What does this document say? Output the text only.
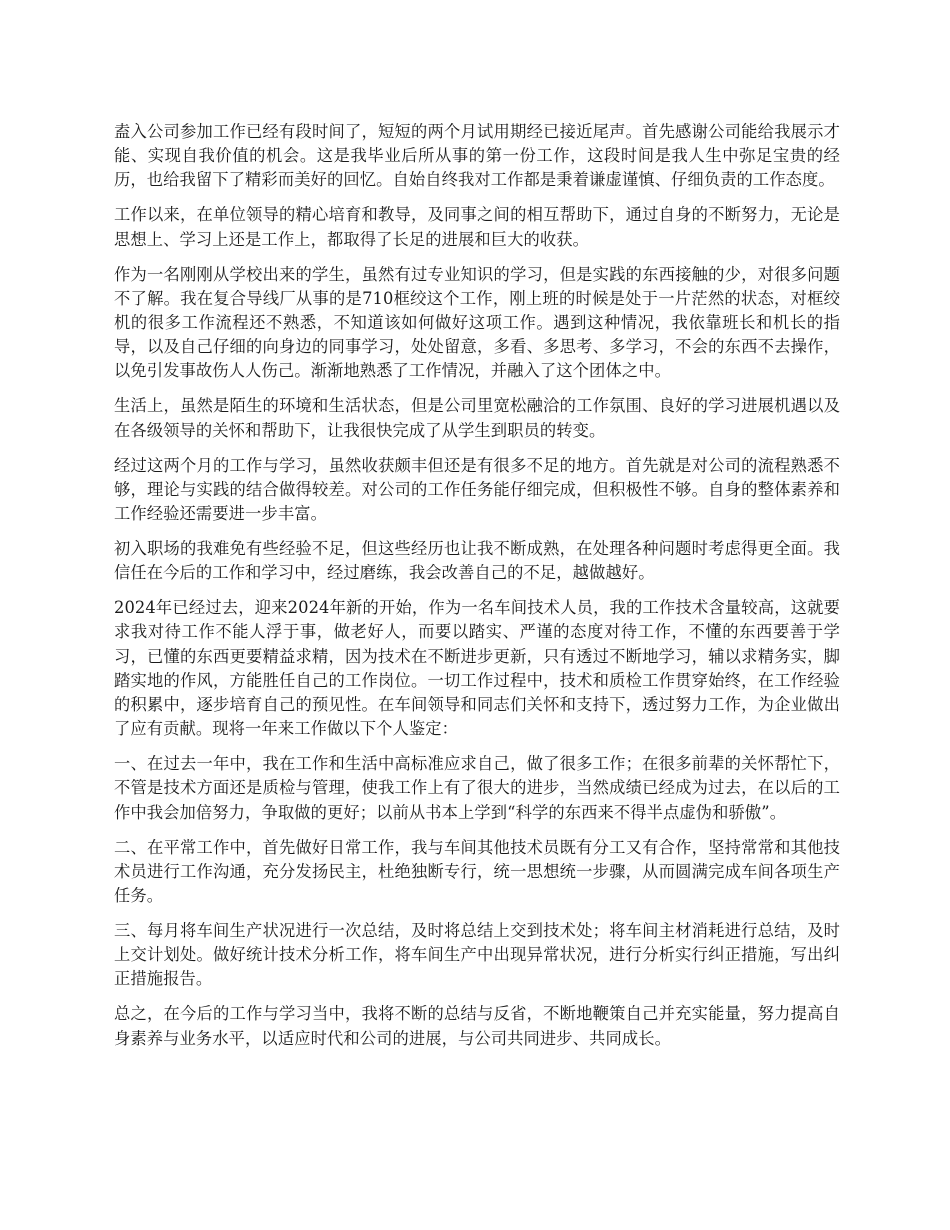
盍入公司参加工作已经有段时间了，短短的两个月试用期经已接近尾声。首先感谢公司能给我展示才能、实现自我价值的机会。这是我毕业后所从事的第一份工作，这段时间是我人生中弥足宝贵的经历，也给我留下了精彩而美好的回忆。自始自终我对工作都是秉着谦虚谨慎、仔细负责的工作态度。

工作以来，在单位领导的精心培育和教导，及同事之间的相互帮助下，通过自身的不断努力，无论是思想上、学习上还是工作上，都取得了长足的进展和巨大的收获。

作为一名刚刚从学校出来的学生，虽然有过专业知识的学习，但是实践的东西接触的少，对很多问题不了解。我在复合导线厂从事的是710框绞这个工作，刚上班的时候是处于一片茫然的状态，对框绞机的很多工作流程还不熟悉，不知道该如何做好这项工作。遇到这种情况，我依靠班长和机长的指导，以及自己仔细的向身边的同事学习，处处留意，多看、多思考、多学习，不会的东西不去操作，以免引发事故伤人人伤己。渐渐地熟悉了工作情况，并融入了这个团体之中。

生活上，虽然是陌生的环境和生活状态，但是公司里宽松融洽的工作氛围、良好的学习进展机遇以及在各级领导的关怀和帮助下，让我很快完成了从学生到职员的转变。

经过这两个月的工作与学习，虽然收获颇丰但还是有很多不足的地方。首先就是对公司的流程熟悉不够，理论与实践的结合做得较差。对公司的工作任务能仔细完成，但积极性不够。自身的整体素养和工作经验还需要进一步丰富。

初入职场的我难免有些经验不足，但这些经历也让我不断成熟，在处理各种问题时考虑得更全面。我信任在今后的工作和学习中，经过磨练，我会改善自己的不足，越做越好。

2024年已经过去，迎来2024年新的开始，作为一名车间技术人员，我的工作技术含量较高，这就要求我对待工作不能人浮于事，做老好人，而要以踏实、严谨的态度对待工作，不懂的东西要善于学习，已懂的东西更要精益求精，因为技术在不断进步更新，只有透过不断地学习，辅以求精务实，脚踏实地的作风，方能胜任自己的工作岗位。一切工作过程中，技术和质检工作贯穿始终，在工作经验的积累中，逐步培育自己的预见性。在车间领导和同志们关怀和支持下，透过努力工作，为企业做出了应有贡献。现将一年来工作做以下个人鉴定：

一、在过去一年中，我在工作和生活中高标准应求自己，做了很多工作；在很多前辈的关怀帮忙下，不管是技术方面还是质检与管理，使我工作上有了很大的进步，当然成绩已经成为过去，在以后的工作中我会加倍努力，争取做的更好；以前从书本上学到“科学的东西来不得半点虚伪和骄傲”。

二、在平常工作中，首先做好日常工作，我与车间其他技术员既有分工又有合作，坚持常常和其他技术员进行工作沟通，充分发扬民主，杜绝独断专行，统一思想统一步骤，从而圆满完成车间各项生产任务。

三、每月将车间生产状况进行一次总结，及时将总结上交到技术处；将车间主材消耗进行总结，及时上交计划处。做好统计技术分析工作，将车间生产中出现异常状况，进行分析实行纠正措施，写出纠正措施报告。

总之，在今后的工作与学习当中，我将不断的总结与反省，不断地鞭策自己并充实能量，努力提高自身素养与业务水平，以适应时代和公司的进展，与公司共同进步、共同成长。
